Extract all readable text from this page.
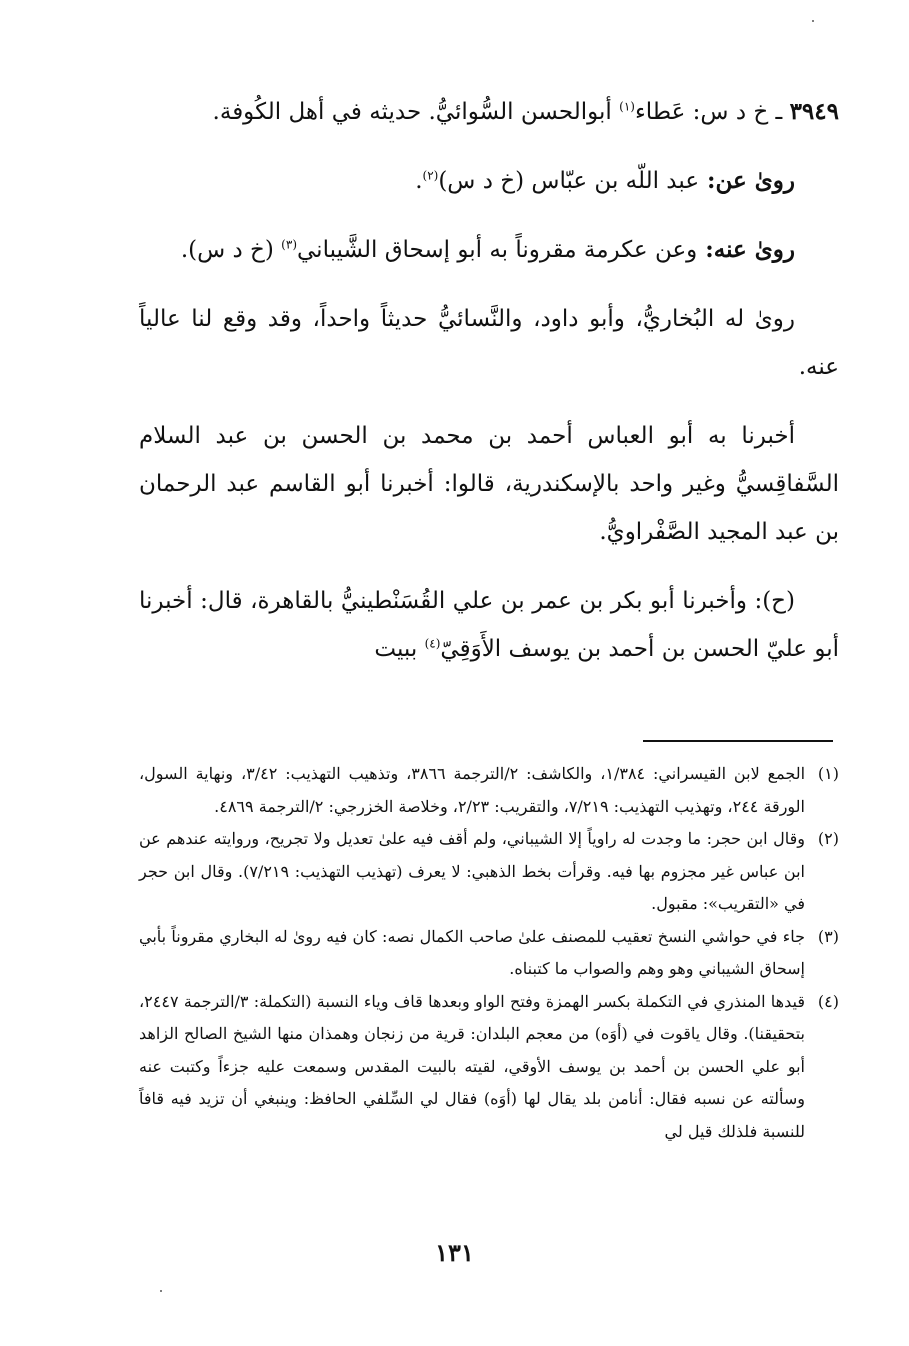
٣٩٤٩ ـ خ د س: عَطاء$^{(١)}$ أبوالحسن السُّوائيُّ. حديثه في أهل الكُوفة.

روىٰ عن: عبد اللّه بن عبّاس (خ د س)$^{(٢)}$.

روىٰ عنه: وعن عكرمة مقروناً به أبو إسحاق الشَّيباني$^{(٣)}$ (خ د س).

روىٰ له البُخاريُّ، وأبو داود، والنَّسائيُّ حديثاً واحداً، وقد وقع لنا عالياً عنه.

أخبرنا به أبو العباس أحمد بن محمد بن الحسن بن عبد السلام السَّفاقِسيُّ وغير واحد بالإسكندرية، قالوا: أخبرنا أبو القاسم عبد الرحمان بن عبد المجيد الصَّفْراويُّ.

(ح): وأخبرنا أبو بكر بن عمر بن علي القُسَنْطينيُّ بالقاهرة، قال: أخبرنا أبو عليّ الحسن بن أحمد بن يوسف الأَوَقِيّ$^{(٤)}$ ببيت

(١)
الجمع لابن القيسراني: ١/٣٨٤، والكاشف: ٢/الترجمة ٣٨٦٦، وتذهيب التهذيب: ٣/٤٢، ونهاية السول، الورقة ٢٤٤، وتهذيب التهذيب: ٧/٢١٩، والتقريب: ٢/٢٣، وخلاصة الخزرجي: ٢/الترجمة ٤٨٦٩.
(٢)
وقال ابن حجر: ما وجدت له راوياً إلا الشيباني، ولم أقف فيه علىٰ تعديل ولا تجريح، وروايته عندهم عن ابن عباس غير مجزوم بها فيه. وقرأت بخط الذهبي: لا يعرف (تهذيب التهذيب: ٧/٢١٩). وقال ابن حجر في «التقريب»: مقبول.
(٣)
جاء في حواشي النسخ تعقيب للمصنف علىٰ صاحب الكمال نصه: كان فيه روىٰ له البخاري مقروناً بأبي إسحاق الشيباني وهو وهم والصواب ما كتبناه.
(٤)
قيدها المنذري في التكملة بكسر الهمزة وفتح الواو وبعدها قاف وياء النسبة (التكملة: ٣/الترجمة ٢٤٤٧، بتحقيقنا). وقال ياقوت في (أوَه) من معجم البلدان: قرية من زنجان وهمذان منها الشيخ الصالح الزاهد أبو علي الحسن بن أحمد بن يوسف الأوقي، لقيته بالبيت المقدس وسمعت عليه جزءاً وكتبت عنه وسألته عن نسبه فقال: أنامن بلد يقال لها (أوَه) فقال لي السِّلفي الحافظ: وينبغي أن تزيد فيه قافاً للنسبة فلذلك قيل لي
١٣١
